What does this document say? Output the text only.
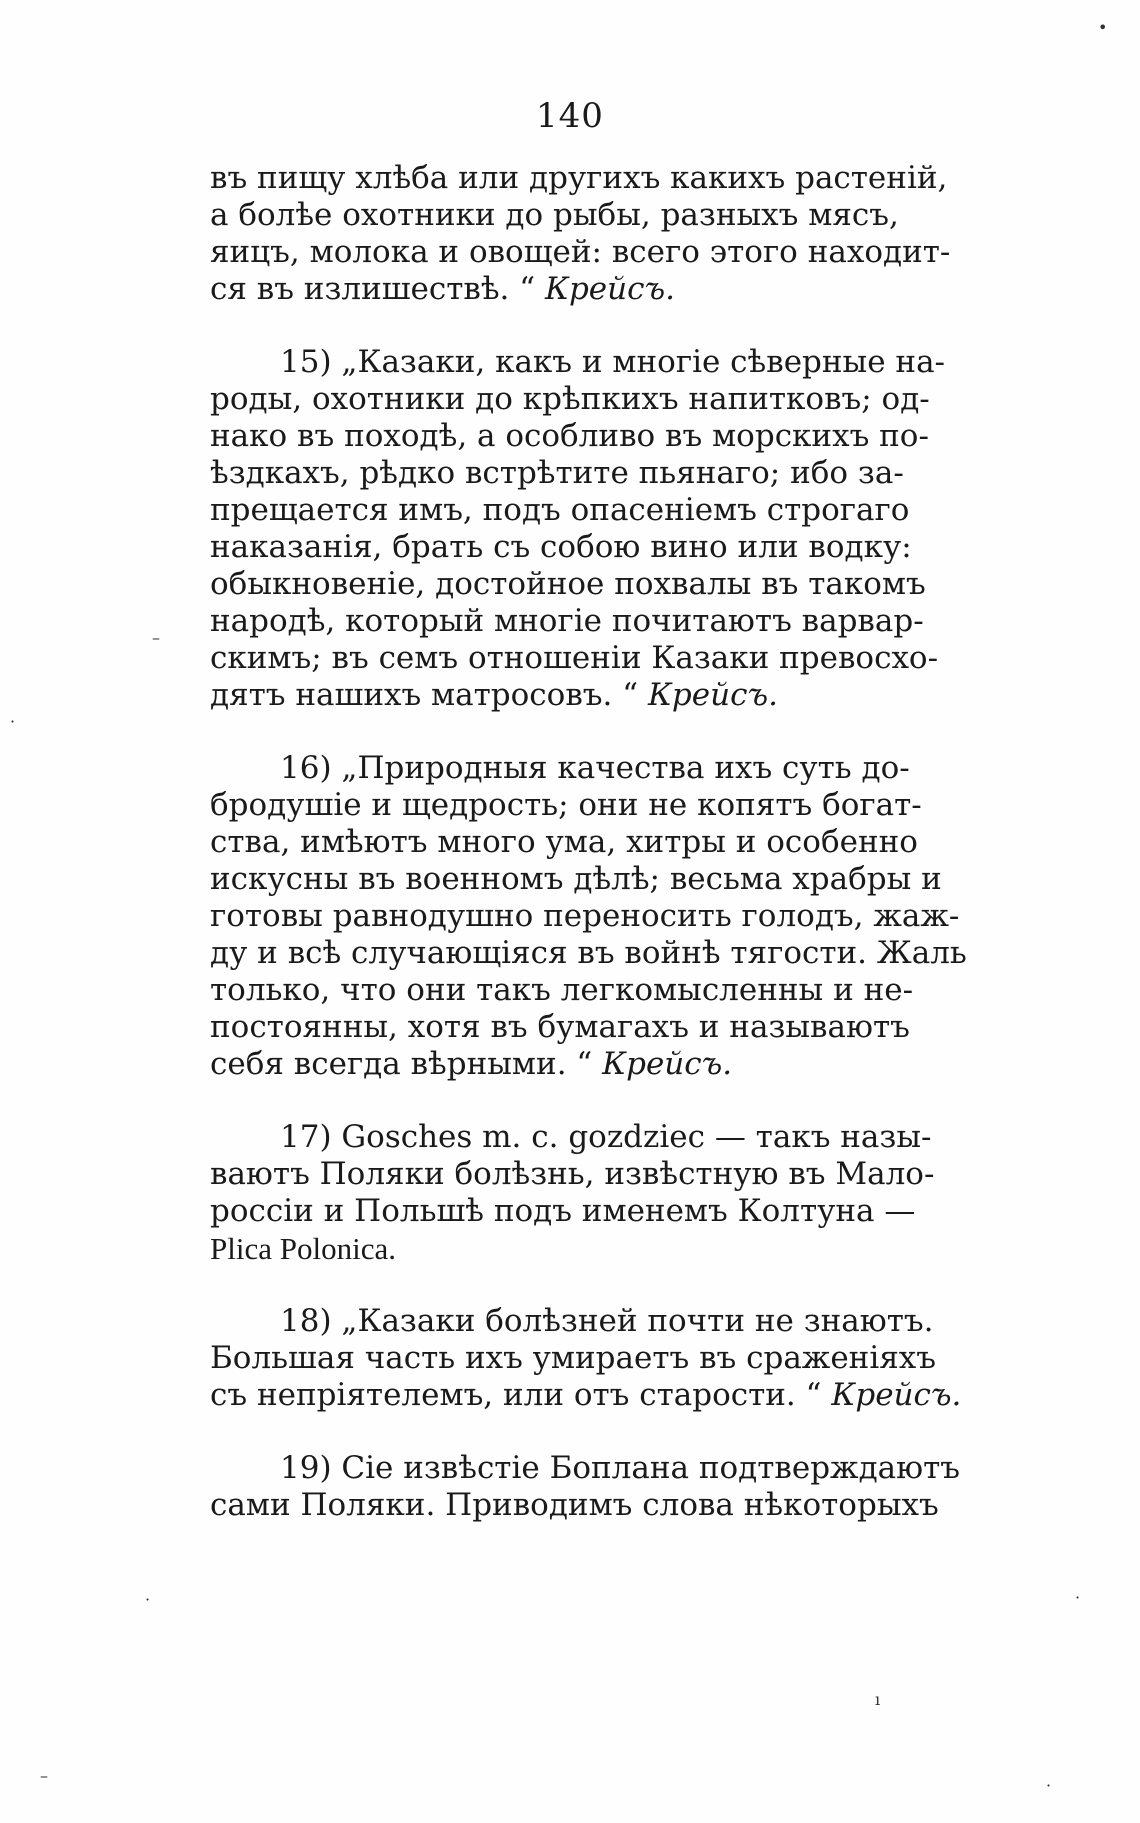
140
въ пищу хлѣба или другихъ какихъ растеній,
а болѣе охотники до рыбы, разныхъ мясъ,
яицъ, молока и овощей: всего этого находит-
ся въ излишествѣ. “ Крейсъ.
15) „Казаки, какъ и многіе сѣверные на-
роды, охотники до крѣпкихъ напитковъ; од-
нако въ походѣ, а особливо въ морскихъ по-
ѣздкахъ, рѣдко встрѣтите пьянаго; ибо за-
прещается имъ, подъ опасеніемъ строгаго
наказанія, брать съ собою вино или водку:
обыкновеніе, достойное похвалы въ такомъ
народѣ, который многіе почитаютъ варвар-
скимъ; въ семъ отношеніи Казаки превосхо-
дятъ нашихъ матросовъ. “ Крейсъ.
16) „Природныя качества ихъ суть до-
бродушіе и щедрость; они не копятъ богат-
ства, имѣютъ много ума, хитры и особенно
искусны въ военномъ дѣлѣ; весьма храбры и
готовы равнодушно переносить голодъ, жаж-
ду и всѣ случающіяся въ войнѣ тягости. Жаль
только, что они такъ легкомысленны и не-
постоянны, хотя въ бумагахъ и называютъ
себя всегда вѣрными. “ Крейсъ.
17) Gosches m. c. gozdziec — такъ назы-
ваютъ Поляки болѣзнь, извѣстную въ Мало-
россіи и Польшѣ подъ именемъ Колтуна —
Plica Polonica.
18) „Казаки болѣзней почти не знаютъ.
Большая часть ихъ умираетъ въ сраженіяхъ
съ непріятелемъ, или отъ старости. “ Крейсъ.
19) Сіе извѣстіе Боплана подтверждаютъ
сами Поляки. Приводимъ слова нѣкоторыхъ
•
–
·
·	·
ı
–
·
